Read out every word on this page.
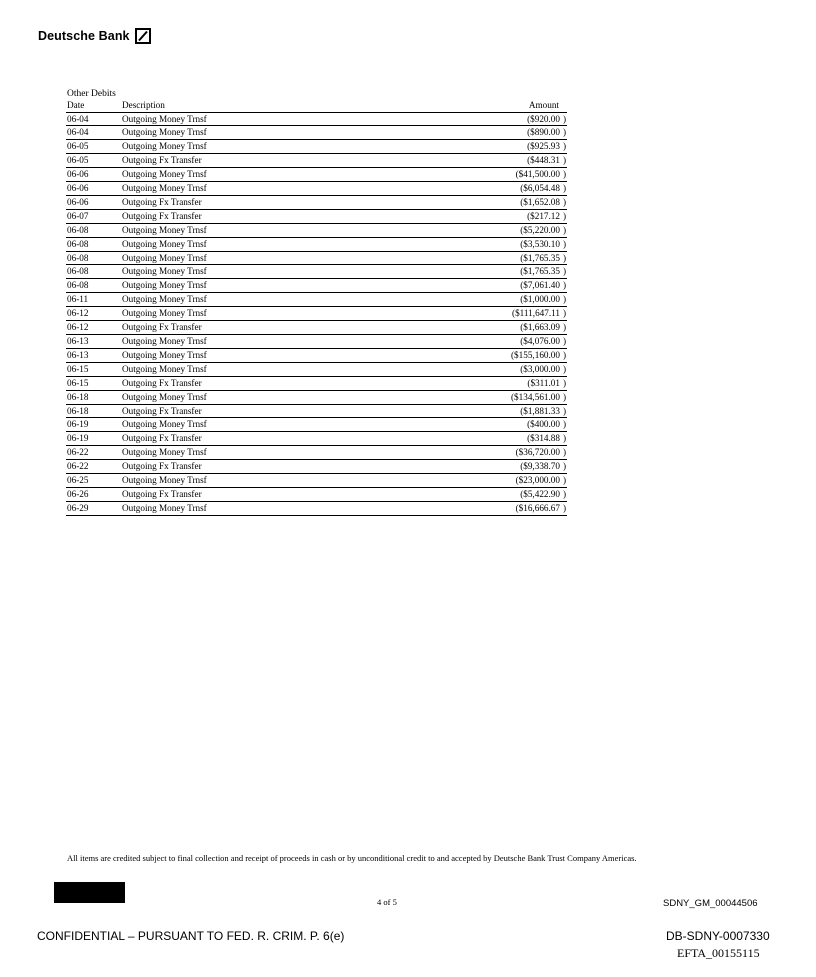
Deutsche Bank
Other Debits
Date	Description	Amount
06-04	Outgoing Money Trnsf	($920.00 )
06-04	Outgoing Money Trnsf	($890.00 )
06-05	Outgoing Money Trnsf	($925.93 )
06-05	Outgoing Fx Transfer	($448.31 )
06-06	Outgoing Money Trnsf	($41,500.00 )
06-06	Outgoing Money Trnsf	($6,054.48 )
06-06	Outgoing Fx Transfer	($1,652.08 )
06-07	Outgoing Fx Transfer	($217.12 )
06-08	Outgoing Money Trnsf	($5,220.00 )
06-08	Outgoing Money Trnsf	($3,530.10 )
06-08	Outgoing Money Trnsf	($1,765.35 )
06-08	Outgoing Money Trnsf	($1,765.35 )
06-08	Outgoing Money Trnsf	($7,061.40 )
06-11	Outgoing Money Trnsf	($1,000.00 )
06-12	Outgoing Money Trnsf	($111,647.11 )
06-12	Outgoing Fx Transfer	($1,663.09 )
06-13	Outgoing Money Trnsf	($4,076.00 )
06-13	Outgoing Money Trnsf	($155,160.00 )
06-15	Outgoing Money Trnsf	($3,000.00 )
06-15	Outgoing Fx Transfer	($311.01 )
06-18	Outgoing Money Trnsf	($134,561.00 )
06-18	Outgoing Fx Transfer	($1,881.33 )
06-19	Outgoing Money Trnsf	($400.00 )
06-19	Outgoing Fx Transfer	($314.88 )
06-22	Outgoing Money Trnsf	($36,720.00 )
06-22	Outgoing Fx Transfer	($9,338.70 )
06-25	Outgoing Money Trnsf	($23,000.00 )
06-26	Outgoing Fx Transfer	($5,422.90 )
06-29	Outgoing Money Trnsf	($16,666.67 )
All items are credited subject to final collection and receipt of proceeds in cash or by unconditional credit to and accepted by Deutsche Bank Trust Company Americas.
4 of 5	SDNY_GM_00044506
CONFIDENTIAL – PURSUANT TO FED. R. CRIM. P. 6(e)	DB-SDNY-0007330
EFTA_00155115
